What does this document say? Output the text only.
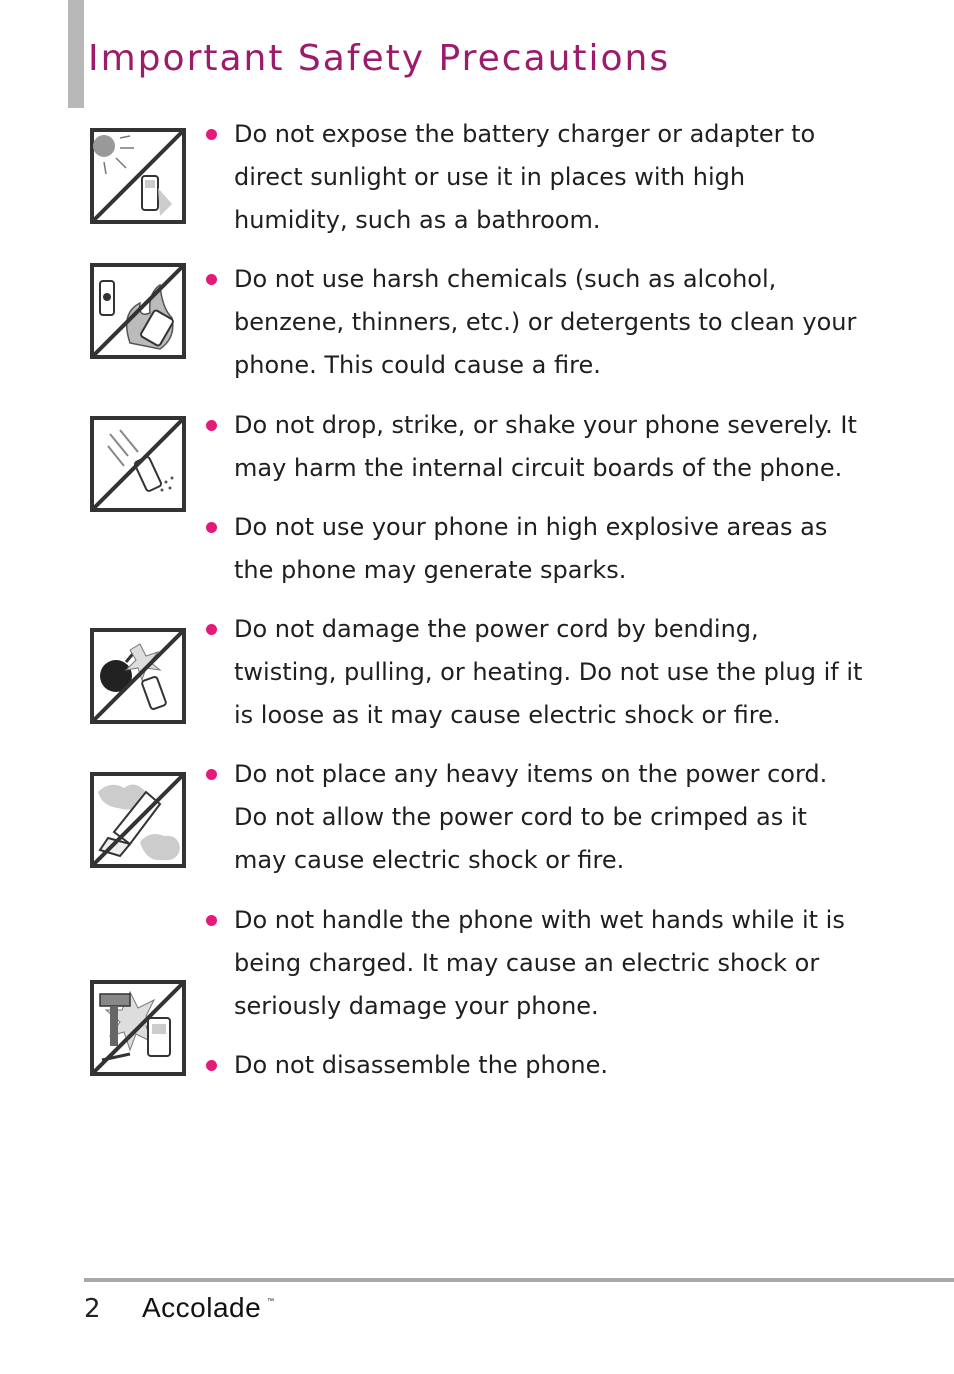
Important Safety Precautions
Do not expose the battery charger or adapter to direct sunlight or use it in places with high humidity, such as a bathroom.
Do not use harsh chemicals (such as alcohol, benzene, thinners, etc.) or detergents to clean your phone. This could cause a fire.
Do not drop, strike, or shake your phone severely. It may harm the internal circuit boards of the phone.
Do not use your phone in high explosive areas as the phone may generate sparks.
Do not damage the power cord by bending, twisting, pulling, or heating. Do not use the plug if it is loose as it may cause electric shock or fire.
Do not place any heavy items on the power cord. Do not allow the power cord to be crimped as it may cause electric shock or fire.
Do not handle the phone with wet hands while it is being charged. It may cause an electric shock or seriously damage your phone.
Do not disassemble the phone.
2 Accolade ™
